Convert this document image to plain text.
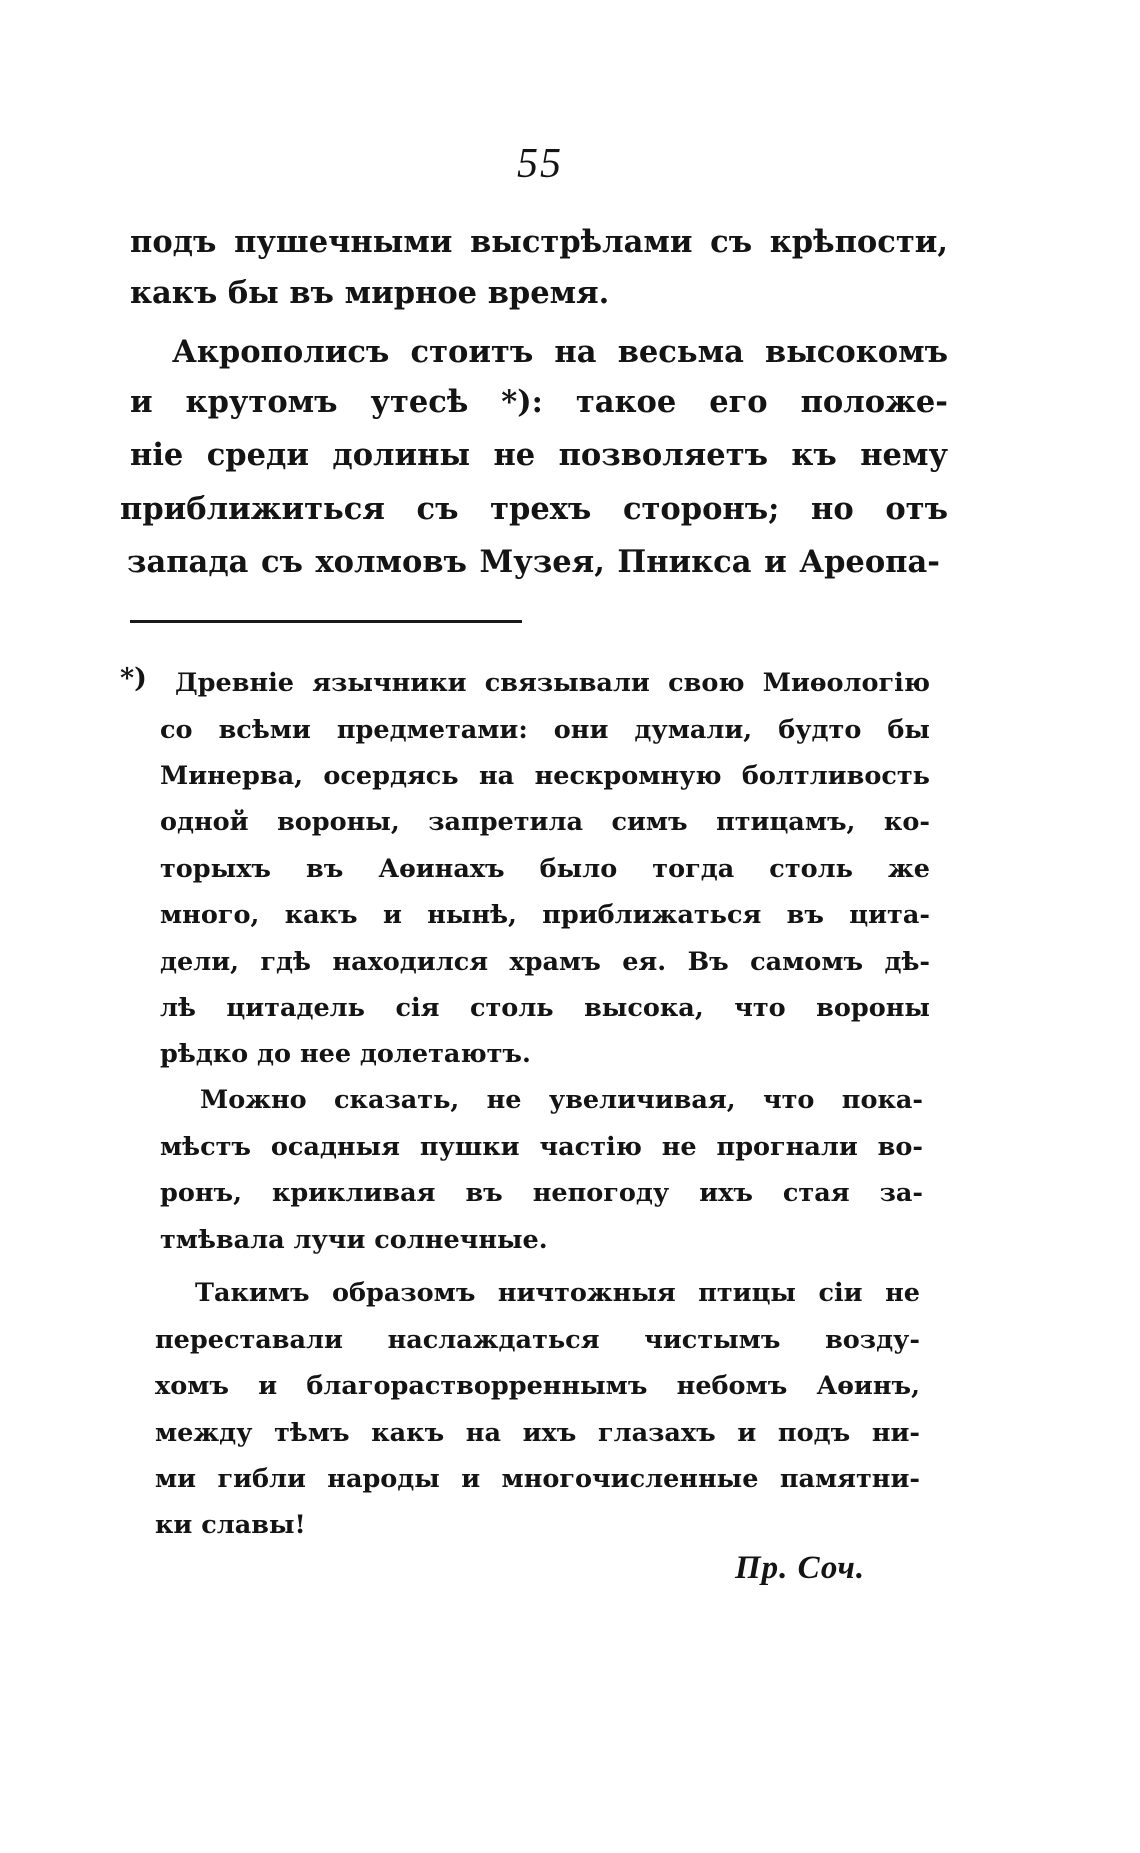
55
подъ пушечными выстрѣлами съ крѣпости,
какъ бы въ мирное время.
Акрополисъ стоитъ на весьма высокомъ
и крутомъ утесѣ *): такое его положе-
ніе среди долины не позволяетъ къ нему
приближиться съ трехъ сторонъ; но отъ
запада съ холмовъ Музея, Пникса и Ареопа-
*) Древніе язычники связывали свою Миѳологію
со всѣми предметами: они думали, будто бы
Минерва, осердясь на нескромную болтливость
одной вороны, запретила симъ птицамъ, ко-
торыхъ въ Аѳинахъ было тогда столь же
много, какъ и нынѣ, приближаться въ цита-
дели, гдѣ находился храмъ ея. Въ самомъ дѣ-
лѣ цитадель сія столь высока, что вороны
рѣдко до нее долетаютъ.
Можно сказать, не увеличивая, что пока-
мѣстъ осадныя пушки частію не прогнали во-
ронъ, крикливая въ непогоду ихъ стая за-
тмѣвала лучи солнечные.
Такимъ образомъ ничтожныя птицы сіи не
переставали наслаждаться чистымъ возду-
хомъ и благорастворреннымъ небомъ Аѳинъ,
между тѣмъ какъ на ихъ глазахъ и подъ ни-
ми гибли народы и многочисленные памятни-
ки славы!
Пр. Соч.
